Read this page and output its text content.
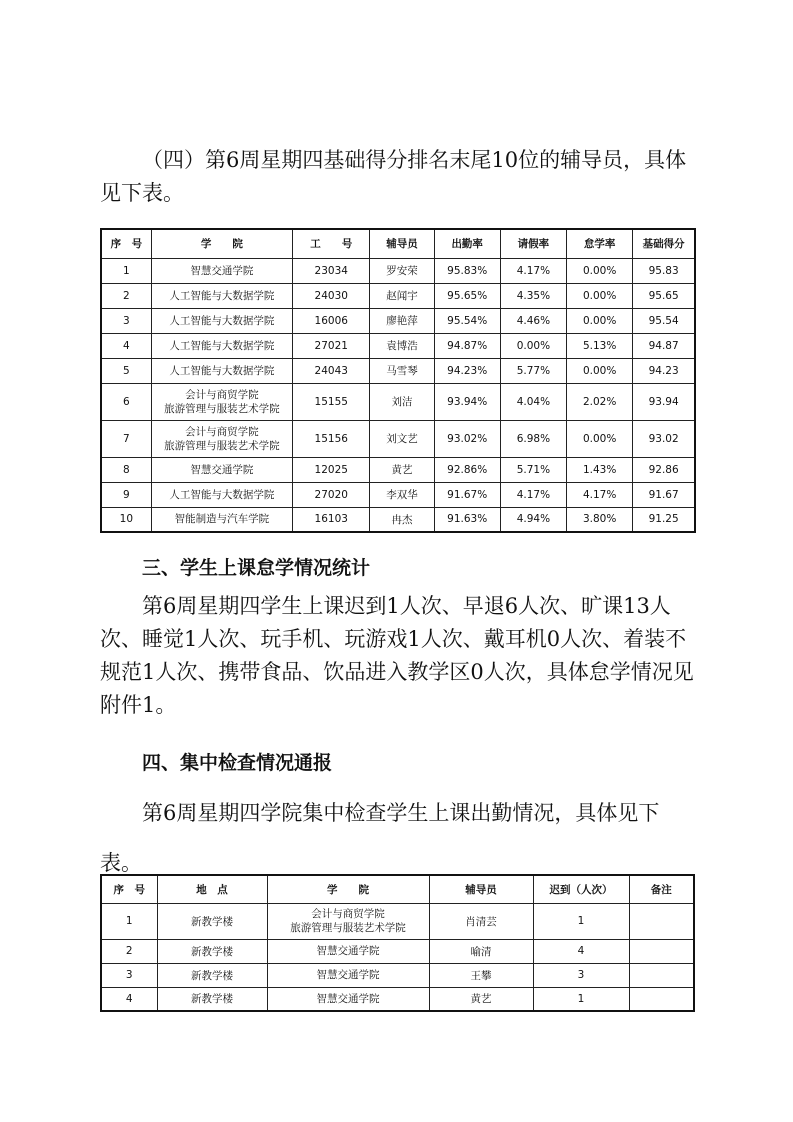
（四）第6周星期四基础得分排名末尾10位的辅导员，具体见下表。

序　号	学　　院	工　　号	辅导员	出勤率	请假率	怠学率	基础得分
1	智慧交通学院	23034	罗安荣	95.83%	4.17%	0.00%	95.83
2	人工智能与大数据学院	24030	赵闻宇	95.65%	4.35%	0.00%	95.65
3	人工智能与大数据学院	16006	廖艳萍	95.54%	4.46%	0.00%	95.54
4	人工智能与大数据学院	27021	袁博浩	94.87%	0.00%	5.13%	94.87
5	人工智能与大数据学院	24043	马雪琴	94.23%	5.77%	0.00%	94.23
6	会计与商贸学院
旅游管理与服装艺术学院	15155	刘洁	93.94%	4.04%	2.02%	93.94
7	会计与商贸学院
旅游管理与服装艺术学院	15156	刘文艺	93.02%	6.98%	0.00%	93.02
8	智慧交通学院	12025	黄艺	92.86%	5.71%	1.43%	92.86
9	人工智能与大数据学院	27020	李双华	91.67%	4.17%	4.17%	91.67
10	智能制造与汽车学院	16103	冉杰	91.63%	4.94%	3.80%	91.25

三、学生上课怠学情况统计

第6周星期四学生上课迟到1人次、早退6人次、旷课13人次、睡觉1人次、玩手机、玩游戏1人次、戴耳机0人次、着装不规范1人次、携带食品、饮品进入教学区0人次，具体怠学情况见附件1。

四、集中检查情况通报

第6周星期四学院集中检查学生上课出勤情况，具体见下表。

序　号	地　点	学　　院	辅导员	迟到（人次）	备注
1	新教学楼	会计与商贸学院
旅游管理与服装艺术学院	肖清芸	1	
2	新教学楼	智慧交通学院	喻清	4	
3	新教学楼	智慧交通学院	王攀	3	
4	新教学楼	智慧交通学院	黄艺	1	
